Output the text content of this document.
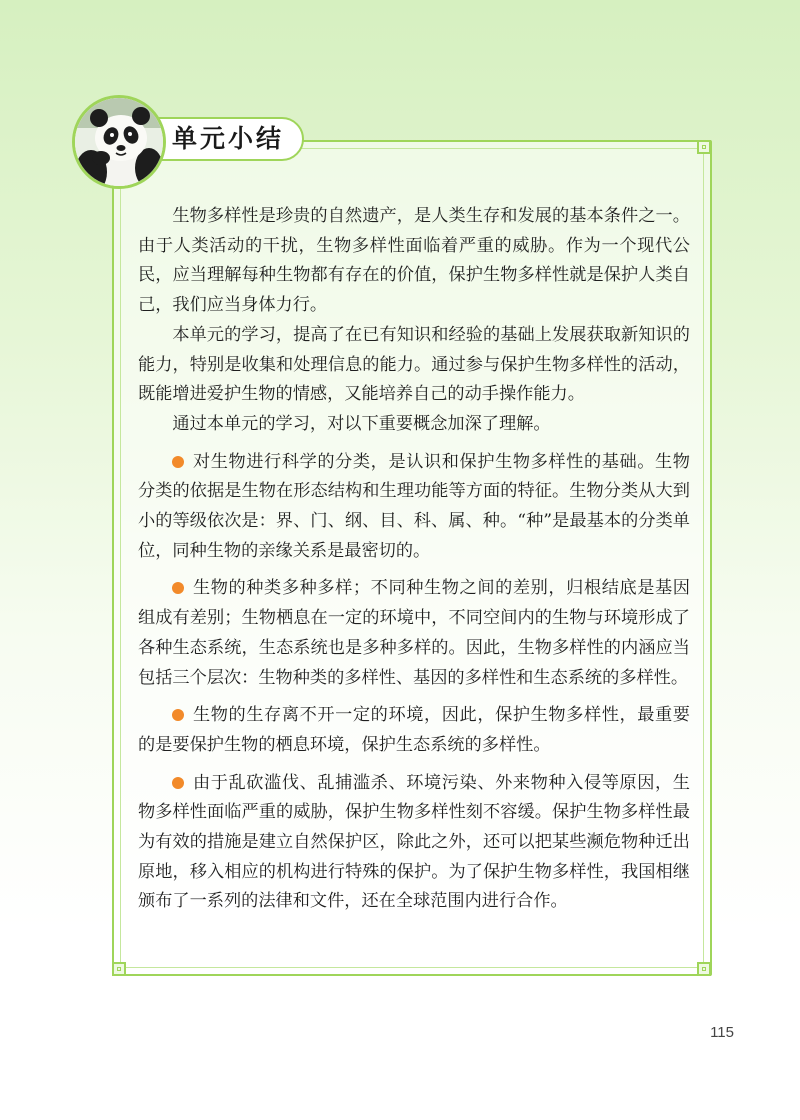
单元小结

生物多样性是珍贵的自然遗产，是人类生存和发展的基本条件之一。由于人类活动的干扰，生物多样性面临着严重的威胁。作为一个现代公民，应当理解每种生物都有存在的价值，保护生物多样性就是保护人类自己，我们应当身体力行。

本单元的学习，提高了在已有知识和经验的基础上发展获取新知识的能力，特别是收集和处理信息的能力。通过参与保护生物多样性的活动，既能增进爱护生物的情感，又能培养自己的动手操作能力。

通过本单元的学习，对以下重要概念加深了理解。

对生物进行科学的分类，是认识和保护生物多样性的基础。生物分类的依据是生物在形态结构和生理功能等方面的特征。生物分类从大到小的等级依次是：界、门、纲、目、科、属、种。“种”是最基本的分类单位，同种生物的亲缘关系是最密切的。

生物的种类多种多样；不同种生物之间的差别，归根结底是基因组成有差别；生物栖息在一定的环境中，不同空间内的生物与环境形成了各种生态系统，生态系统也是多种多样的。因此，生物多样性的内涵应当包括三个层次：生物种类的多样性、基因的多样性和生态系统的多样性。

生物的生存离不开一定的环境，因此，保护生物多样性，最重要的是要保护生物的栖息环境，保护生态系统的多样性。

由于乱砍滥伐、乱捕滥杀、环境污染、外来物种入侵等原因，生物多样性面临严重的威胁，保护生物多样性刻不容缓。保护生物多样性最为有效的措施是建立自然保护区，除此之外，还可以把某些濒危物种迁出原地，移入相应的机构进行特殊的保护。为了保护生物多样性，我国相继颁布了一系列的法律和文件，还在全球范围内进行合作。

115
